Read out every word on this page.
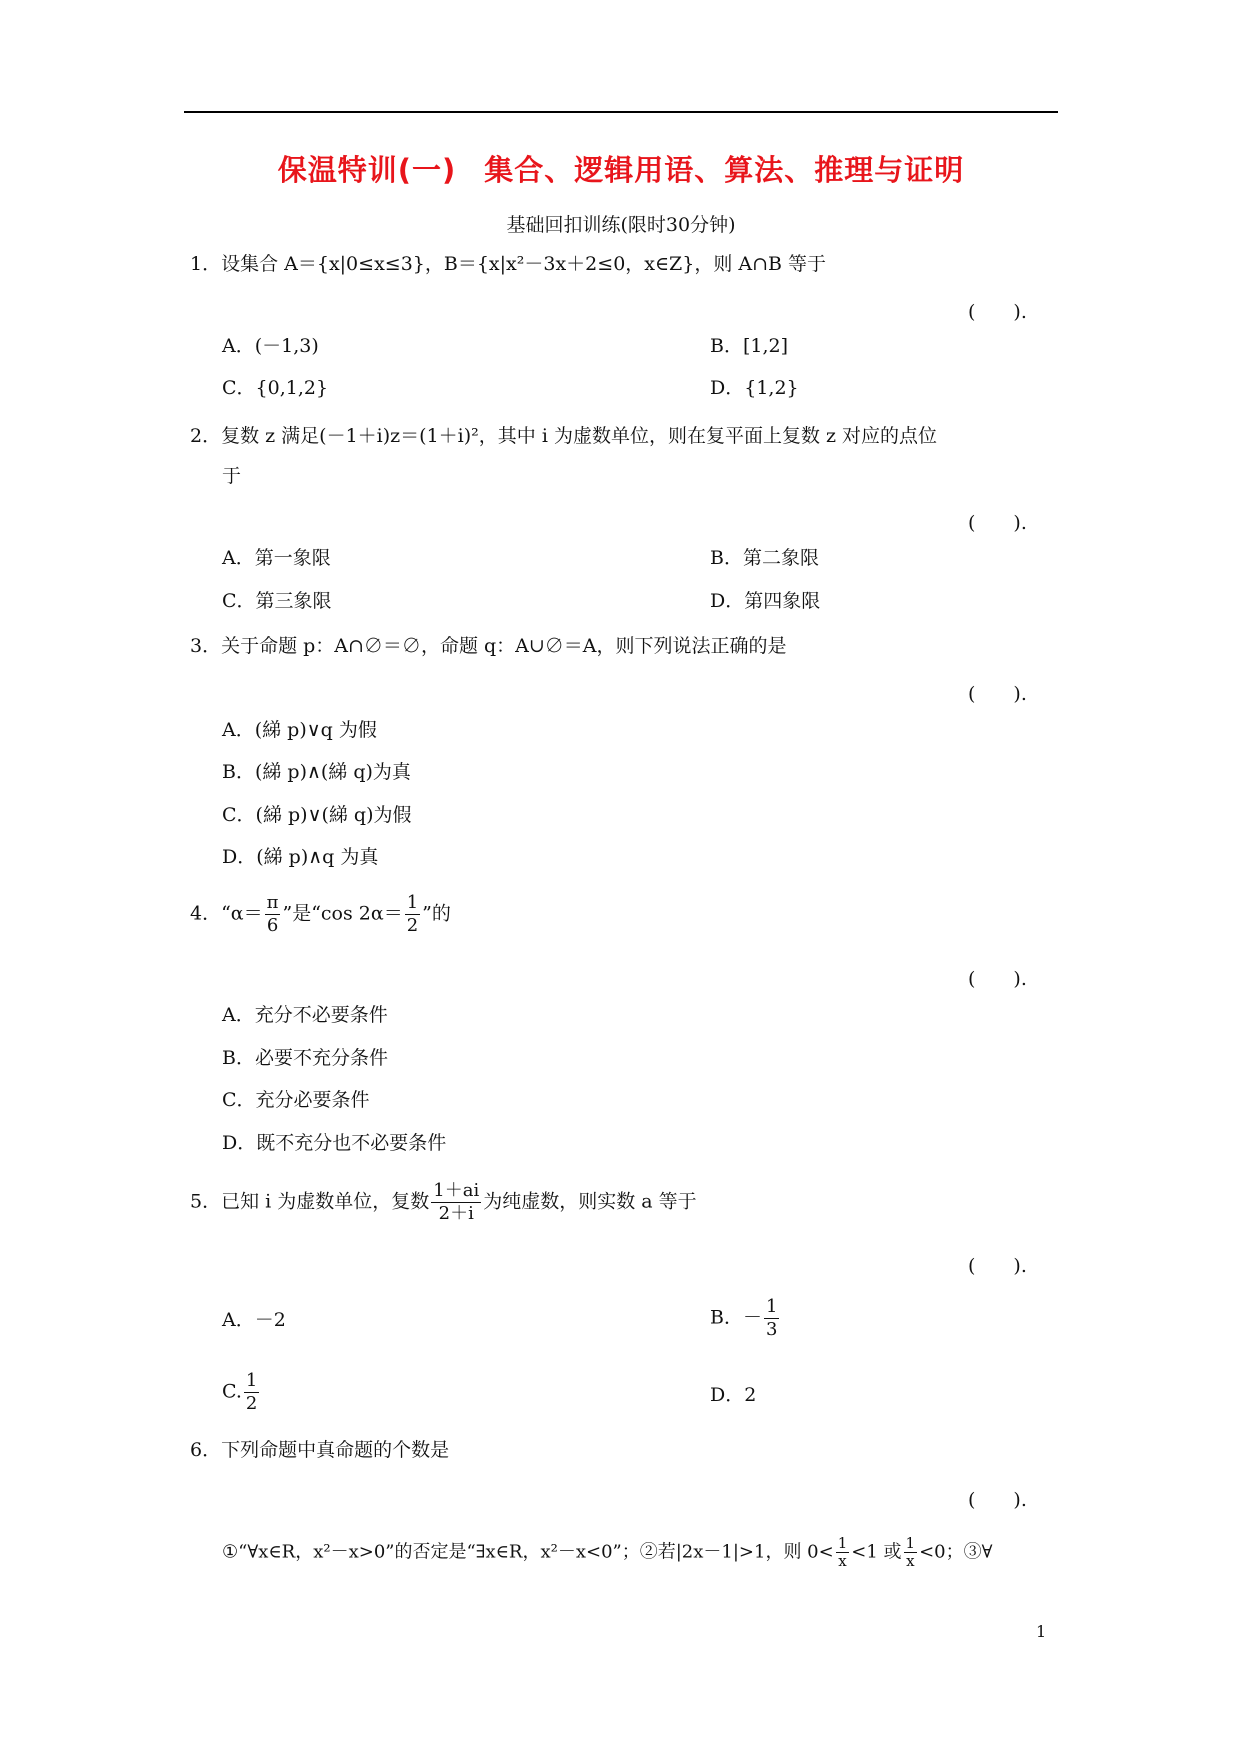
保温特训(一) 集合、逻辑用语、算法、推理与证明
基础回扣训练(限时30分钟)
1．设集合 A＝{x|0≤x≤3}，B＝{x|x²－3x＋2≤0，x∈Z}，则 A∩B 等于
(　　).
A．(－1,3)	B．[1,2]
C．{0,1,2}	D．{1,2}
2．复数 z 满足(－1＋i)z＝(1＋i)²，其中 i 为虚数单位，则在复平面上复数 z 对应的点位
于
(　　).
A．第一象限	B．第二象限
C．第三象限	D．第四象限
3．关于命题 p：A∩∅＝∅，命题 q：A∪∅＝A，则下列说法正确的是
(　　).
A．(綈 p)∨q 为假
B．(綈 p)∧(綈 q)为真
C．(綈 p)∨(綈 q)为假
D．(綈 p)∧q 为真
4．“$\alpha= \frac{\pi}{6}$ ”是“cos $2\alpha= \frac{1}{2}$ ”的
(　　).
A．充分不必要条件
B．必要不充分条件
C．充分必要条件
D．既不充分也不必要条件
5．已知 i 为虚数单位，复数 $\frac{1+ai}{2+i}$ 为纯虚数，则实数 a 等于
(　　).
A．－2	B．－ $\frac{1}{3}$
C. $\frac{1}{2}$	D．2
6．下列命题中真命题的个数是
(　　).
①“∀x∈R，x²－x>0”的否定是“∃x∈R，x²－x<0”；②若|2x－1|>1，则 $0< \frac{1}{x} <1$ 或 $\frac{1}{x} <0$；③∀
1
